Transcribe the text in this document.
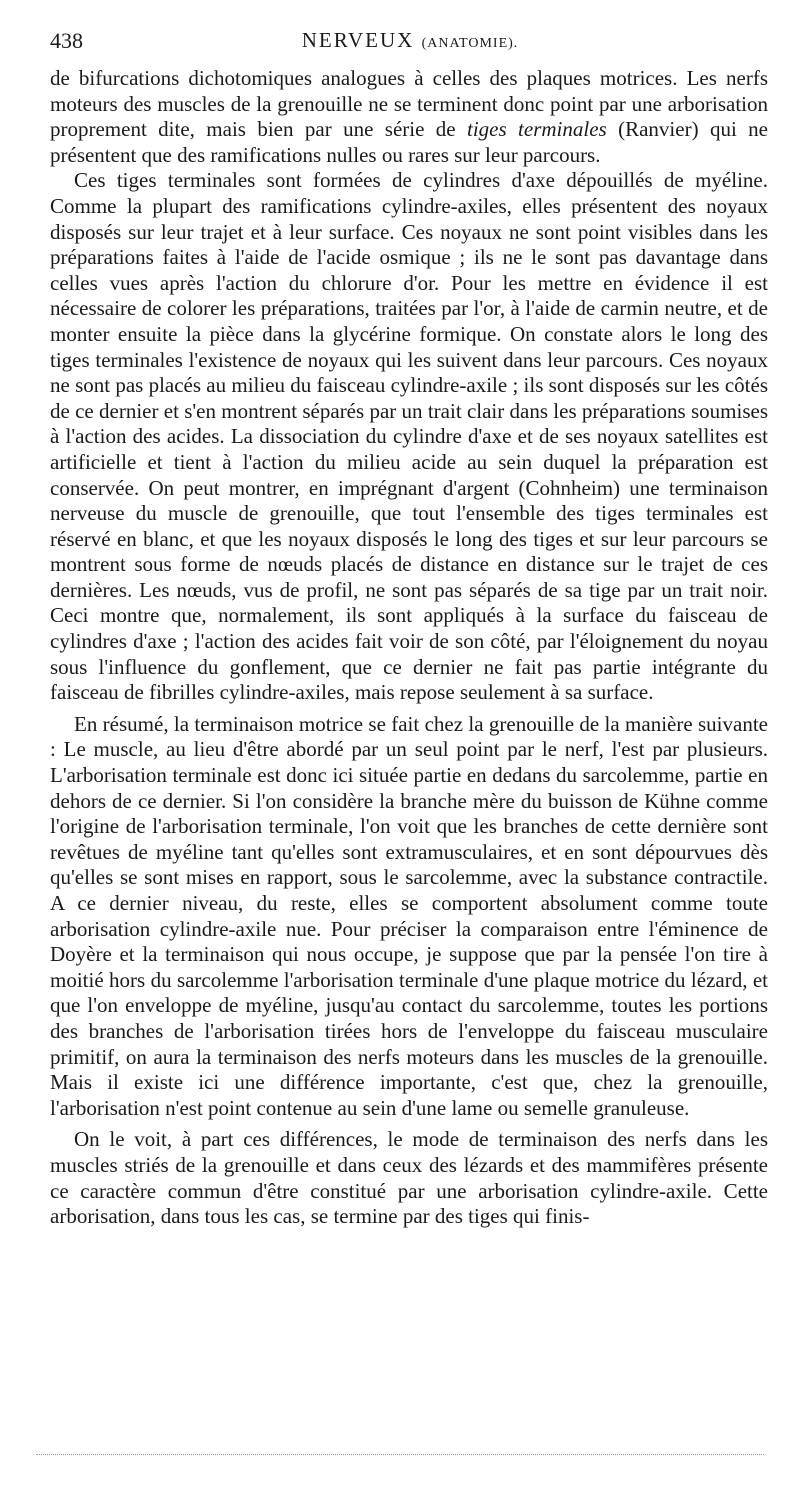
438	NERVEUX (ANATOMIE).

de bifurcations dichotomiques analogues à celles des plaques motrices. Les nerfs moteurs des muscles de la grenouille ne se terminent donc point par une arborisation proprement dite, mais bien par une série de tiges terminales (Ranvier) qui ne présentent que des ramifications nulles ou rares sur leur parcours.

Ces tiges terminales sont formées de cylindres d'axe dépouillés de myéline. Comme la plupart des ramifications cylindre-axiles, elles présentent des noyaux disposés sur leur trajet et à leur surface. Ces noyaux ne sont point visibles dans les préparations faites à l'aide de l'acide osmique ; ils ne le sont pas davantage dans celles vues après l'action du chlorure d'or. Pour les mettre en évidence il est nécessaire de colorer les préparations, traitées par l'or, à l'aide de carmin neutre, et de monter ensuite la pièce dans la glycérine formique. On constate alors le long des tiges terminales l'existence de noyaux qui les suivent dans leur parcours. Ces noyaux ne sont pas placés au milieu du faisceau cylindre-axile ; ils sont disposés sur les côtés de ce dernier et s'en montrent séparés par un trait clair dans les préparations soumises à l'action des acides. La dissociation du cylindre d'axe et de ses noyaux satellites est artificielle et tient à l'action du milieu acide au sein duquel la préparation est conservée. On peut montrer, en imprégnant d'argent (Cohnheim) une terminaison nerveuse du muscle de grenouille, que tout l'ensemble des tiges terminales est réservé en blanc, et que les noyaux disposés le long des tiges et sur leur parcours se montrent sous forme de nœuds placés de distance en distance sur le trajet de ces dernières. Les nœuds, vus de profil, ne sont pas séparés de sa tige par un trait noir. Ceci montre que, normalement, ils sont appliqués à la surface du faisceau de cylindres d'axe ; l'action des acides fait voir de son côté, par l'éloignement du noyau sous l'influence du gonflement, que ce dernier ne fait pas partie intégrante du faisceau de fibrilles cylindre-axiles, mais repose seulement à sa surface.

En résumé, la terminaison motrice se fait chez la grenouille de la manière suivante : Le muscle, au lieu d'être abordé par un seul point par le nerf, l'est par plusieurs. L'arborisation terminale est donc ici située partie en dedans du sarcolemme, partie en dehors de ce dernier. Si l'on considère la branche mère du buisson de Kühne comme l'origine de l'arborisation terminale, l'on voit que les branches de cette dernière sont revêtues de myéline tant qu'elles sont extramusculaires, et en sont dépourvues dès qu'elles se sont mises en rapport, sous le sarcolemme, avec la substance contractile. A ce dernier niveau, du reste, elles se comportent absolument comme toute arborisation cylindre-axile nue. Pour préciser la comparaison entre l'éminence de Doyère et la terminaison qui nous occupe, je suppose que par la pensée l'on tire à moitié hors du sarcolemme l'arborisation terminale d'une plaque motrice du lézard, et que l'on enveloppe de myéline, jusqu'au contact du sarcolemme, toutes les portions des branches de l'arborisation tirées hors de l'enveloppe du faisceau musculaire primitif, on aura la terminaison des nerfs moteurs dans les muscles de la grenouille. Mais il existe ici une différence importante, c'est que, chez la grenouille, l'arborisation n'est point contenue au sein d'une lame ou semelle granuleuse.

On le voit, à part ces différences, le mode de terminaison des nerfs dans les muscles striés de la grenouille et dans ceux des lézards et des mammifères présente ce caractère commun d'être constitué par une arborisation cylindre-axile. Cette arborisation, dans tous les cas, se termine par des tiges qui finis-
